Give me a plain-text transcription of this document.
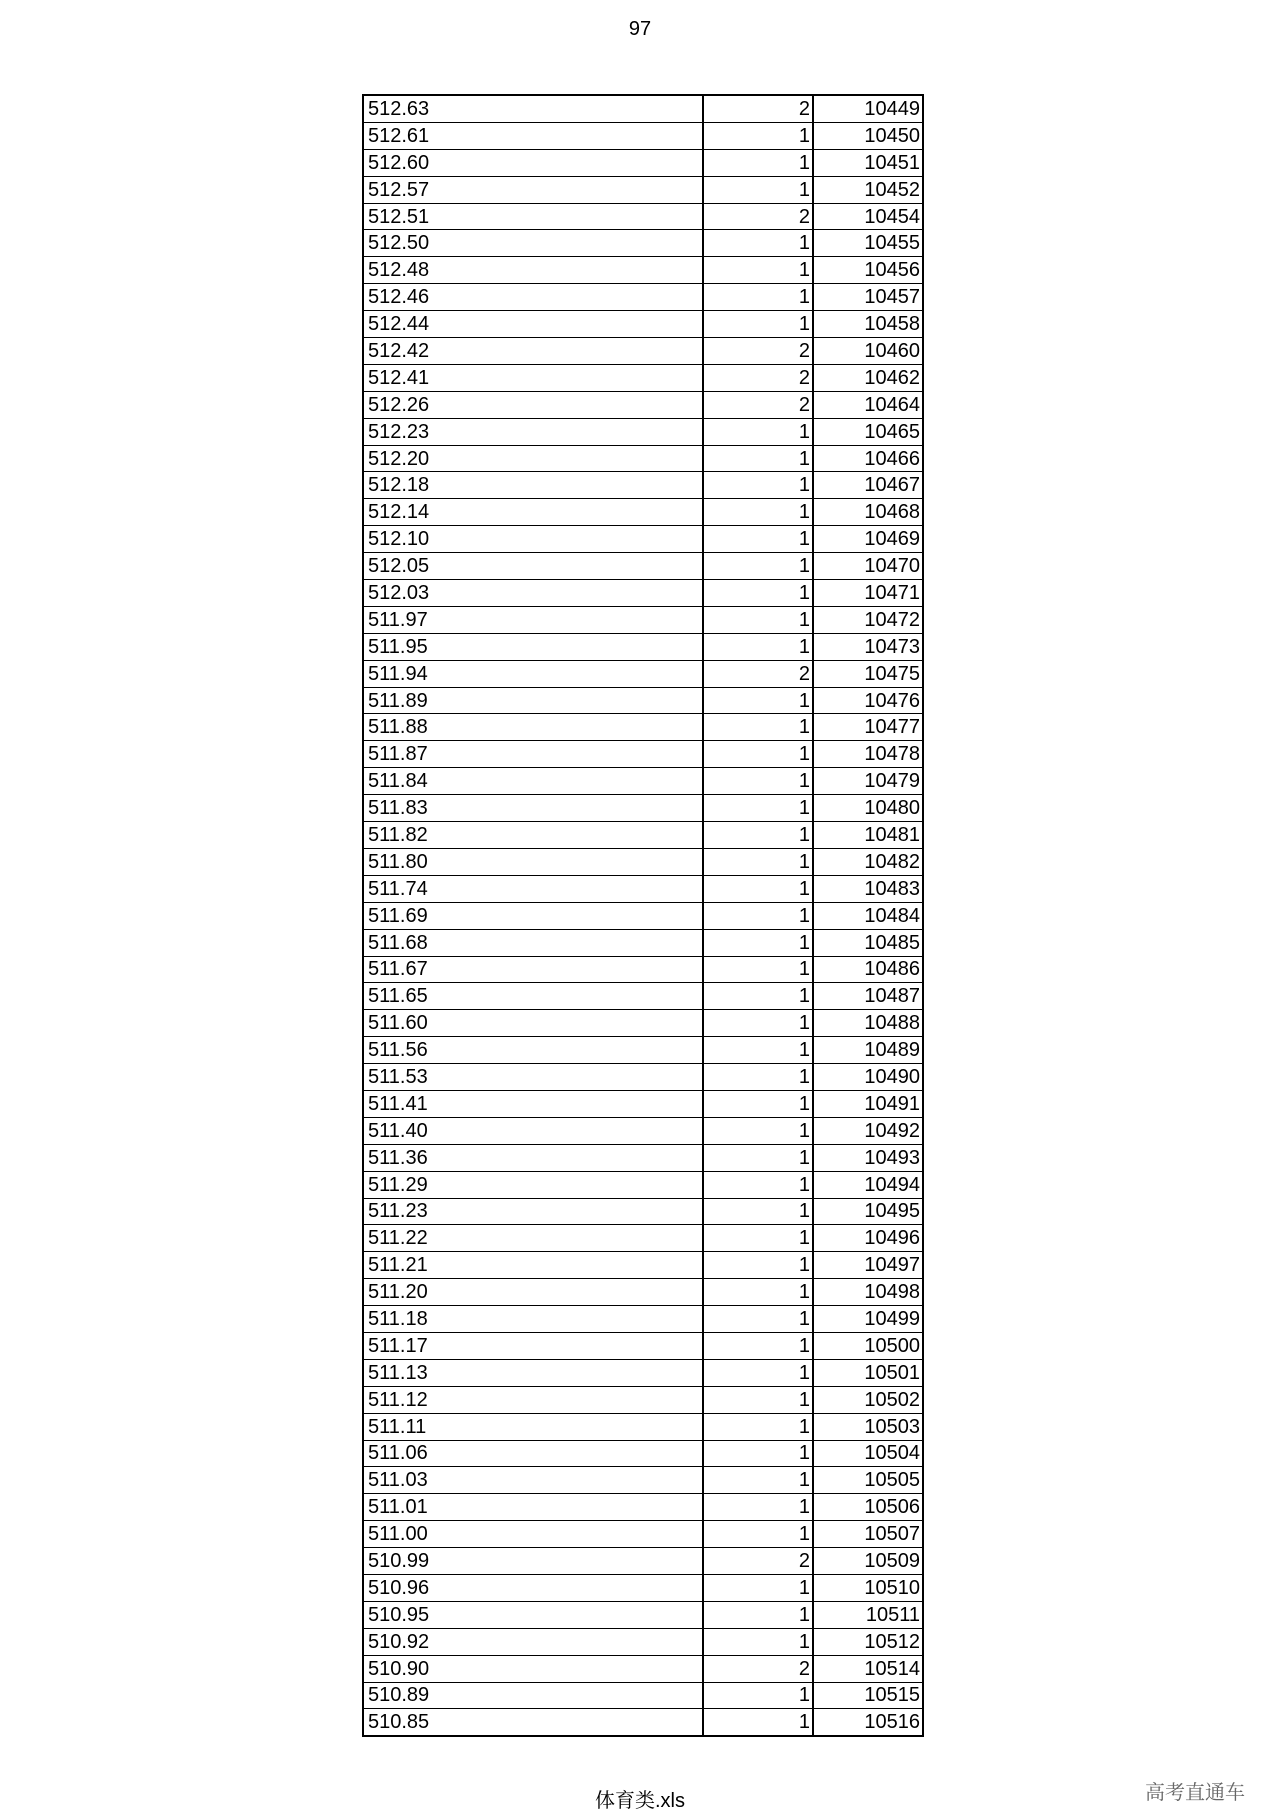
97
512.63	2	10449
512.61	1	10450
512.60	1	10451
512.57	1	10452
512.51	2	10454
512.50	1	10455
512.48	1	10456
512.46	1	10457
512.44	1	10458
512.42	2	10460
512.41	2	10462
512.26	2	10464
512.23	1	10465
512.20	1	10466
512.18	1	10467
512.14	1	10468
512.10	1	10469
512.05	1	10470
512.03	1	10471
511.97	1	10472
511.95	1	10473
511.94	2	10475
511.89	1	10476
511.88	1	10477
511.87	1	10478
511.84	1	10479
511.83	1	10480
511.82	1	10481
511.80	1	10482
511.74	1	10483
511.69	1	10484
511.68	1	10485
511.67	1	10486
511.65	1	10487
511.60	1	10488
511.56	1	10489
511.53	1	10490
511.41	1	10491
511.40	1	10492
511.36	1	10493
511.29	1	10494
511.23	1	10495
511.22	1	10496
511.21	1	10497
511.20	1	10498
511.18	1	10499
511.17	1	10500
511.13	1	10501
511.12	1	10502
511.11	1	10503
511.06	1	10504
511.03	1	10505
511.01	1	10506
511.00	1	10507
510.99	2	10509
510.96	1	10510
510.95	1	10511
510.92	1	10512
510.90	2	10514
510.89	1	10515
510.85	1	10516
体育类.xls	高考直通车
